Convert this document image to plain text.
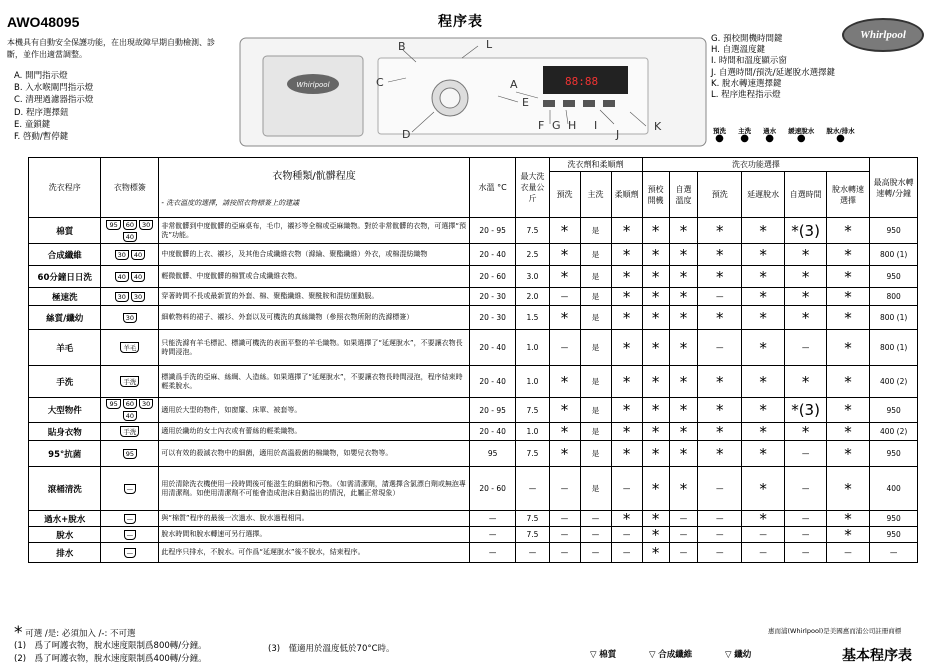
AWO48095
本機具有自動安全保護功能，在出現故障早期自動檢測、診斷，並作出適當調整。
A. 開門指示燈
B. 入水喉閘閂指示燈
C. 清理過濾器指示燈
D. 程序選擇鈕
E. 童鎖鍵
F. 啓動/暫停鍵
程序表
Whirlpool	88:88
B	L
C
D
E
A
F G H I
J
K
G. 預校開機時間鍵
H. 自選溫度鍵
I. 時間和溫度顯示窗
J. 自選時間/預洗/延遲脫水選擇鍵
K. 脫水轉速選擇鍵
L. 程序進程指示燈
Whirlpool
預洗
●
主洗
●
過水
●
緩速脫水
●
脫水/排水
●
洗衣程序	衣物標簽	衣物種類/骯髒程度
- 洗衣溫度的選擇，請按照衣物標簽上的建議	水溫 °C	最大洗衣量公斤	洗衣劑和柔順劑			洗衣功能選擇						最高脫水轉速轉/分鐘
					預洗	主洗	柔順劑	預校開機	自選溫度	預洗	延遲脫水	自選時間	脫水轉速選擇	
棉質	95 60 3040	非常骯髒到中度骯髒的亞麻桌布，毛巾，襯衫等全棉或亞麻織物。對於非常骯髒的衣物，可選擇“預洗”功能。	20 - 95	7.5	*	是	*	*	*	*	*	*(3)	*	950
合成纖維	30 40	中度骯髒的上衣、襯衫，及其他合成纖維衣物（滌綸、聚酯纖維）外衣，或棉混紡織物	20 - 40	2.5	*	是	*	*	*	*	*	*	*	800 (1)
60分鐘日日洗	40 40	輕微骯髒、中度骯髒的棉質或合成纖維衣物。	20 - 60	3.0	*	是	*	*	*	*	*	*	*	950
極速洗	30 30	穿著時間不長或最新買的外套、棉、聚酯纖維、聚酰胺和混紡運動服。	20 - 30	2.0	—	是	*	*	*	—	*	*	*	800
絲質/纖幼	30	細軟物料的裙子、襯衫、外套以及可機洗的真絲織物（參照衣物所附的洗滌標簽）	20 - 30	1.5	*	是	*	*	*	*	*	*	*	800 (1)
羊毛	羊毛	只能洗滌有羊毛標記、標識可機洗的表面平整的羊毛織物。如果選擇了“延遲脫水”，不要讓衣物長時間浸泡。	20 - 40	1.0	—	是	*	*	*	—	*	—	*	800 (1)
手洗	手洗	標識爲手洗的亞麻、絲綢、人造絲。如果選擇了“延遲脫水”，不要讓衣物長時間浸泡，程序結束時輕柔脫水。	20 - 40	1.0	*	是	*	*	*	*	*	*	*	400 (2)
大型物件	95 60 3040	適用於大型的物件，如窗簾、床單、被套等。	20 - 95	7.5	*	是	*	*	*	*	*	*(3)	*	950
貼身衣物	手洗	適用於纖幼的女士內衣或有蕾絲的輕柔織物。	20 - 40	1.0	*	是	*	*	*	*	*	*	*	400 (2)
95°抗菌	95	可以有效的殺滅衣物中的細菌，適用於高溫殺菌的棉織物，如嬰兒衣物等。	95	7.5	*	是	*	*	*	*	*	—	*	950
滾桶清洗	—	用於清除洗衣機使用一段時間後可能滋生的細菌和污物。（如需清潔劑，請選擇含氯漂白劑或無泡專用清潔劑。如使用清潔劑不可能會造成泡沫自動溢出的情況，此屬正常現象）	20 - 60	—	—	是	—	*	*	—	*	—	*	400
過水+脫水	—	與“棉質”程序的最後一次過水、脫水過程相同。	—	7.5	—	—	*	*	—	—	*	—	*	950
脫水	—	脫水時間和脫水轉速可另行選擇。	—	7.5	—	—	—	*	—	—	—	—	*	950
排水	—	此程序只排水，不脫水。可作爲“延遲脫水”後不脫水，結束程序。	—	—	—	—	—	*	—	—	—	—	—	—
* 可選 /是: 必須加入 /-: 不可選
(1)　爲了呵護衣物，脫水速度限制爲800轉/分鐘。
(2)　爲了呵護衣物，脫水速度限制爲400轉/分鐘。
(3)　僅適用於溫度低於70°C時。
惠而浦(Whirlpool)是美國惠而浦公司註冊商標
▽ 棉質	▽ 合成纖維	▽ 纖幼	基本程序表
